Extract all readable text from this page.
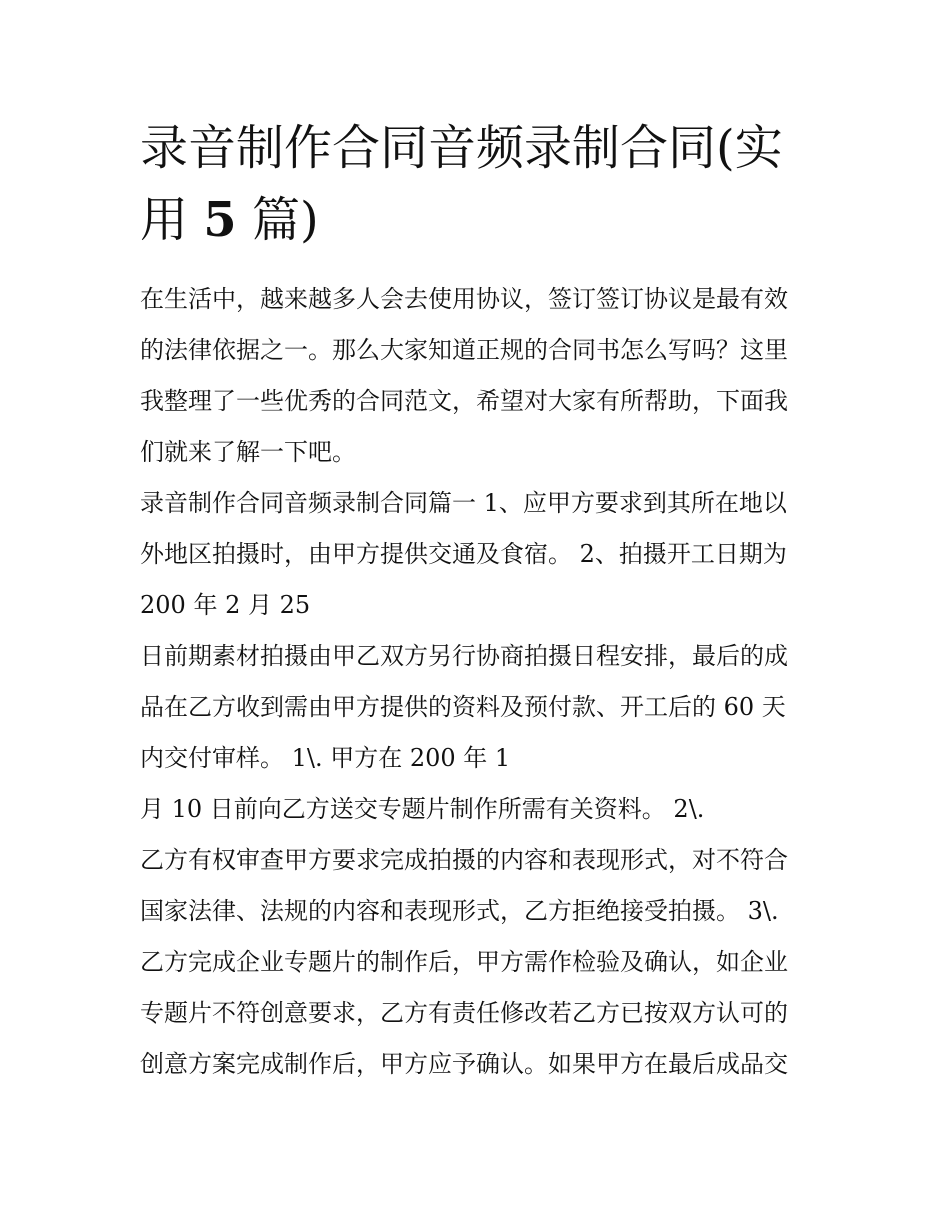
录音制作合同音频录制合同(实
用 5 篇)

在生活中，越来越多人会去使用协议，签订签订协议是最有效
的法律依据之一。那么大家知道正规的合同书怎么写吗？这里
我整理了一些优秀的合同范文，希望对大家有所帮助，下面我
们就来了解一下吧。

录音制作合同音频录制合同篇一 1、应甲方要求到其所在地以
外地区拍摄时，由甲方提供交通及食宿。 2、拍摄开工日期为
200 年 2 月 25

日前期素材拍摄由甲乙双方另行协商拍摄日程安排，最后的成
品在乙方收到需由甲方提供的资料及预付款、开工后的 60 天
内交付审样。 1\. 甲方在 200 年 1

月 10 日前向乙方送交专题片制作所需有关资料。 2\.

乙方有权审查甲方要求完成拍摄的内容和表现形式，对不符合
国家法律、法规的内容和表现形式，乙方拒绝接受拍摄。 3\.
乙方完成企业专题片的制作后，甲方需作检验及确认，如企业
专题片不符创意要求，乙方有责任修改若乙方已按双方认可的
创意方案完成制作后，甲方应予确认。如果甲方在最后成品交
